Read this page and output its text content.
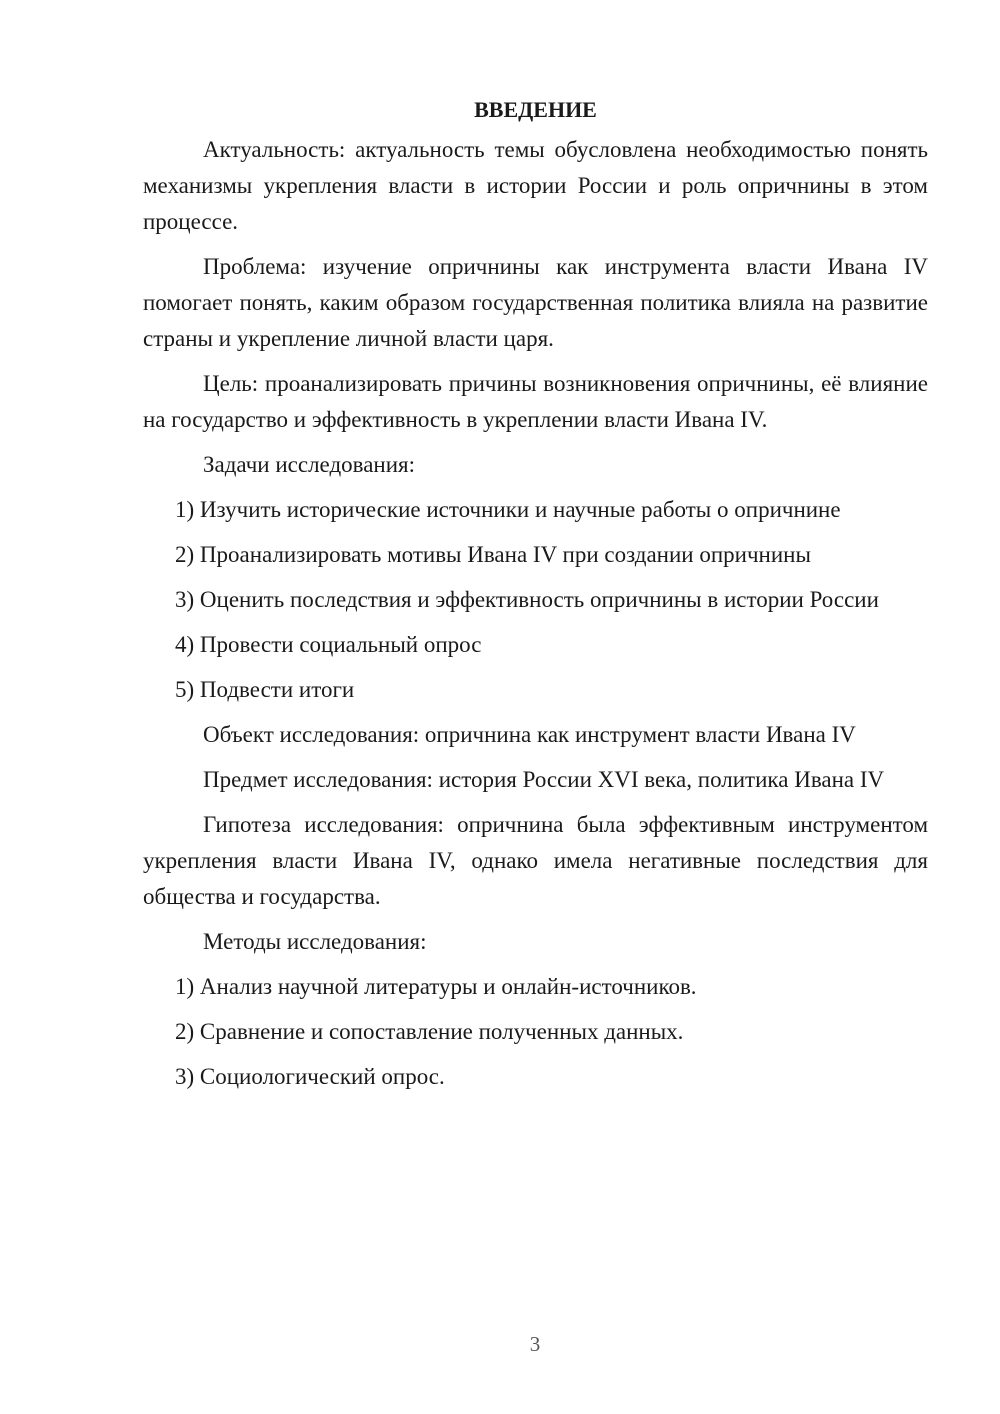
ВВЕДЕНИЕ

Актуальность: актуальность темы обусловлена необходимостью понять механизмы укрепления власти в истории России и роль опричнины в этом процессе.

Проблема: изучение опричнины как инструмента власти Ивана IV помогает понять, каким образом государственная политика влияла на развитие страны и укрепление личной власти царя.

Цель: проанализировать причины возникновения опричнины, её влияние на государство и эффективность в укреплении власти Ивана IV.

Задачи исследования:

1) Изучить исторические источники и научные работы о опричнине
2) Проанализировать мотивы Ивана IV при создании опричнины
3) Оценить последствия и эффективность опричнины в истории России
4) Провести социальный опрос
5) Подвести итоги

Объект исследования: опричнина как инструмент власти Ивана IV

Предмет исследования: история России XVI века, политика Ивана IV

Гипотеза исследования: опричнина была эффективным инструментом укрепления власти Ивана IV, однако имела негативные последствия для общества и государства.

Методы исследования:

1) Анализ научной литературы и онлайн-источников.
2) Сравнение и сопоставление полученных данных.
3) Социологический опрос.
3
